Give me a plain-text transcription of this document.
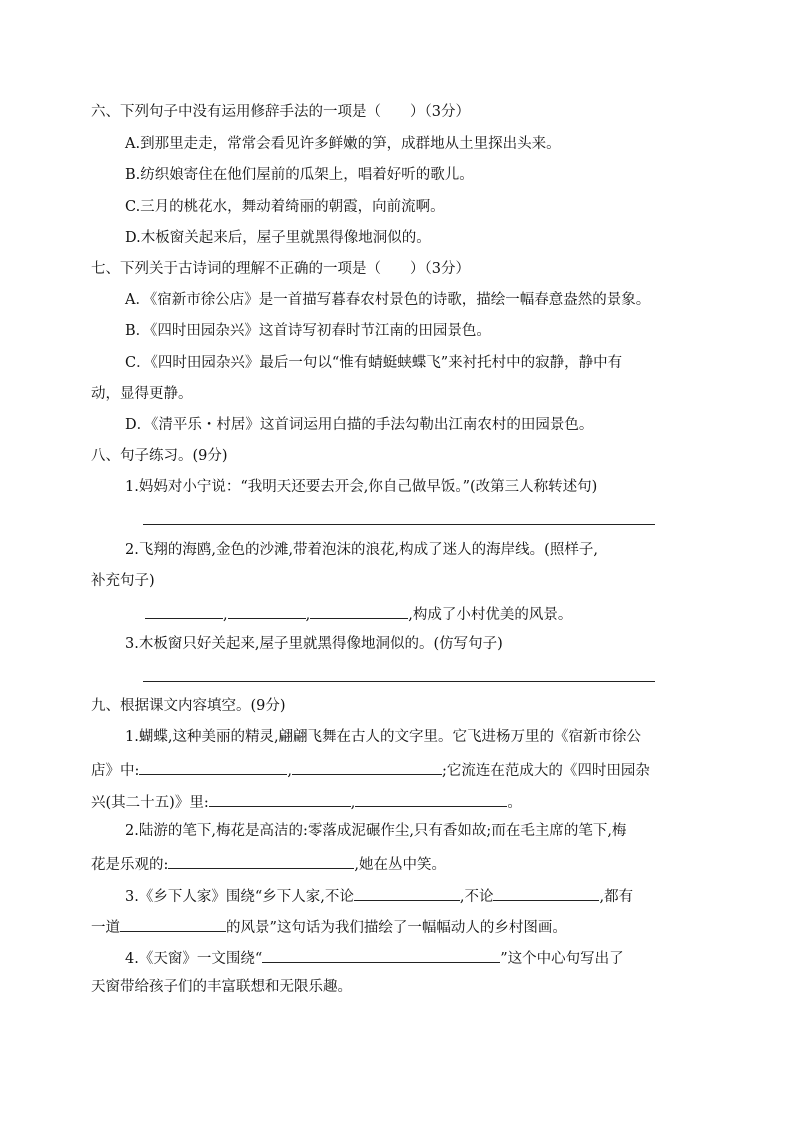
六、下列句子中没有运用修辞手法的一项是（　　）（3分）
A.到那里走走，常常会看见许多鲜嫩的笋，成群地从土里探出头来。
B.纺织娘寄住在他们屋前的瓜架上，唱着好听的歌儿。
C.三月的桃花水，舞动着绮丽的朝霞，向前流啊。
D.木板窗关起来后，屋子里就黑得像地洞似的。
七、下列关于古诗词的理解不正确的一项是（　　）（3分）
A．《宿新市徐公店》是一首描写暮春农村景色的诗歌，描绘一幅春意盎然的景象。
B．《四时田园杂兴》这首诗写初春时节江南的田园景色。
C．《四时田园杂兴》最后一句以“惟有蜻蜓蛱蝶飞”来衬托村中的寂静，静中有
动，显得更静。
D．《清平乐・村居》这首词运用白描的手法勾勒出江南农村的田园景色。
八、句子练习。(9分)
1.妈妈对小宁说：“我明天还要去开会,你自己做早饭。”(改第三人称转述句)
2.飞翔的海鸥,金色的沙滩,带着泡沫的浪花,构成了迷人的海岸线。(照样子,
补充句子)
,	,	,构成了小村优美的风景。
3.木板窗只好关起来,屋子里就黑得像地洞似的。(仿写句子)
九、根据课文内容填空。(9分)
1.蝴蝶,这种美丽的精灵,翩翩飞舞在古人的文字里。它飞进杨万里的《宿新市徐公
店》中:	,	;它流连在范成大的《四时田园杂
兴(其二十五)》里:	,	。
2.陆游的笔下,梅花是高洁的:零落成泥碾作尘,只有香如故;而在毛主席的笔下,梅
花是乐观的:	,她在丛中笑。
3.《乡下人家》围绕“乡下人家,不论	,不论	,都有
一道	的风景”这句话为我们描绘了一幅幅动人的乡村图画。
4.《天窗》一文围绕“	”这个中心句写出了
天窗带给孩子们的丰富联想和无限乐趣。
